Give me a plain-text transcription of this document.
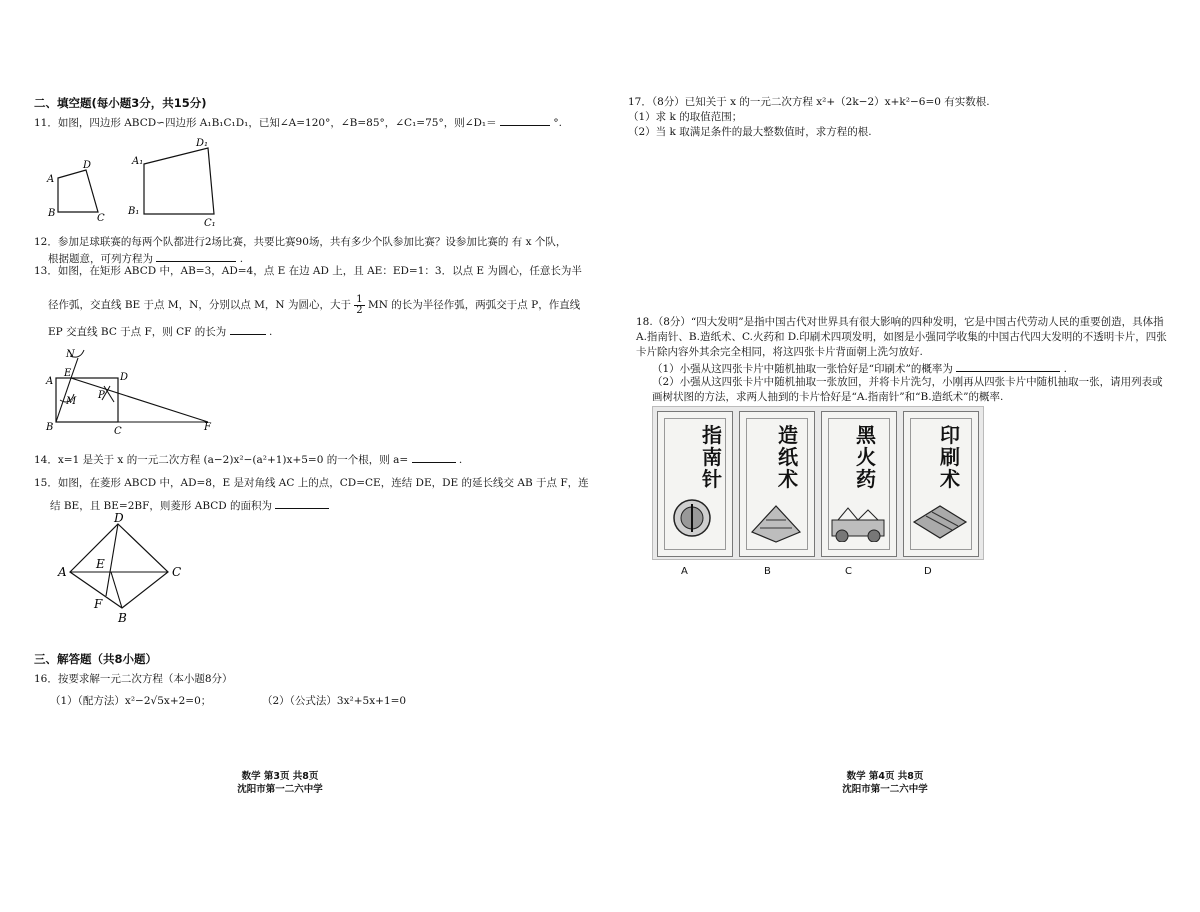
二、填空题(每小题3分，共15分)
11．如图，四边形 ABCD∽四边形 A₁B₁C₁D₁，已知∠A=120°，∠B=85°，∠C₁=75°，则∠D₁＝	°.
A
B	C
D	A₁
B₁
C₁
D₁
12．参加足球联赛的每两个队都进行2场比赛，共要比赛90场，共有多少个队参加比赛？设参加比赛的 有 x 个队，
根据题意，可列方程为	.
13．如图，在矩形 ABCD 中，AB=3，AD=4，点 E 在边 AD 上，且 AE：ED=1：3．以点 E 为圆心，任意长为半
径作弧，交直线 BE 于点 M，N，分别以点 M，N 为圆心，大于 $\frac{1}{2}$ MN 的长为半径作弧，两弧交于点 P，作直线
EP 交直线 BC 于点 F，则 CF 的长为	.
N
E	D
A
M
P
B	C	F
14．x=1 是关于 x 的一元二次方程 (a−2)x²−(a²+1)x+5=0 的一个根，则 a=	.
15．如图，在菱形 ABCD 中，AD=8，E 是对角线 AC 上的点，CD=CE，连结 DE，DE 的延长线交 AB 于点 F，连
结 BE，且 BE=2BF，则菱形 ABCD 的面积为
D
A
E
C
F
B
三、解答题（共8小题）
16．按要求解一元二次方程（本小题8分）
（1）（配方法）x²−2√5x+2=0；	（2）（公式法）3x²+5x+1=0
数学 第3页 共8页
沈阳市第一二六中学
17．（8分）已知关于 x 的一元二次方程 x²+（2k−2）x+k²−6=0 有实数根.
（1）求 k 的取值范围；
（2）当 k 取满足条件的最大整数值时，求方程的根.
18.（8分）“四大发明”是指中国古代对世界具有很大影响的四种发明，它是中国古代劳动人民的重要创造，具体指
A.指南针、B.造纸术、C.火药和 D.印刷术四项发明，如图是小强同学收集的中国古代四大发明的不透明卡片，四张
卡片除内容外其余完全相同，将这四张卡片背面朝上洗匀放好.
（1）小强从这四张卡片中随机抽取一张恰好是“印刷术”的概率为	.
（2）小强从这四张卡片中随机抽取一张放回，并将卡片洗匀，小刚再从四张卡片中随机抽取一张，请用列表或
画树状图的方法，求两人抽到的卡片恰好是“A.指南针”和“B.造纸术”的概率.
指南针
造纸术
黑火药
印刷术
A	B	C	D
数学 第4页 共8页
沈阳市第一二六中学
